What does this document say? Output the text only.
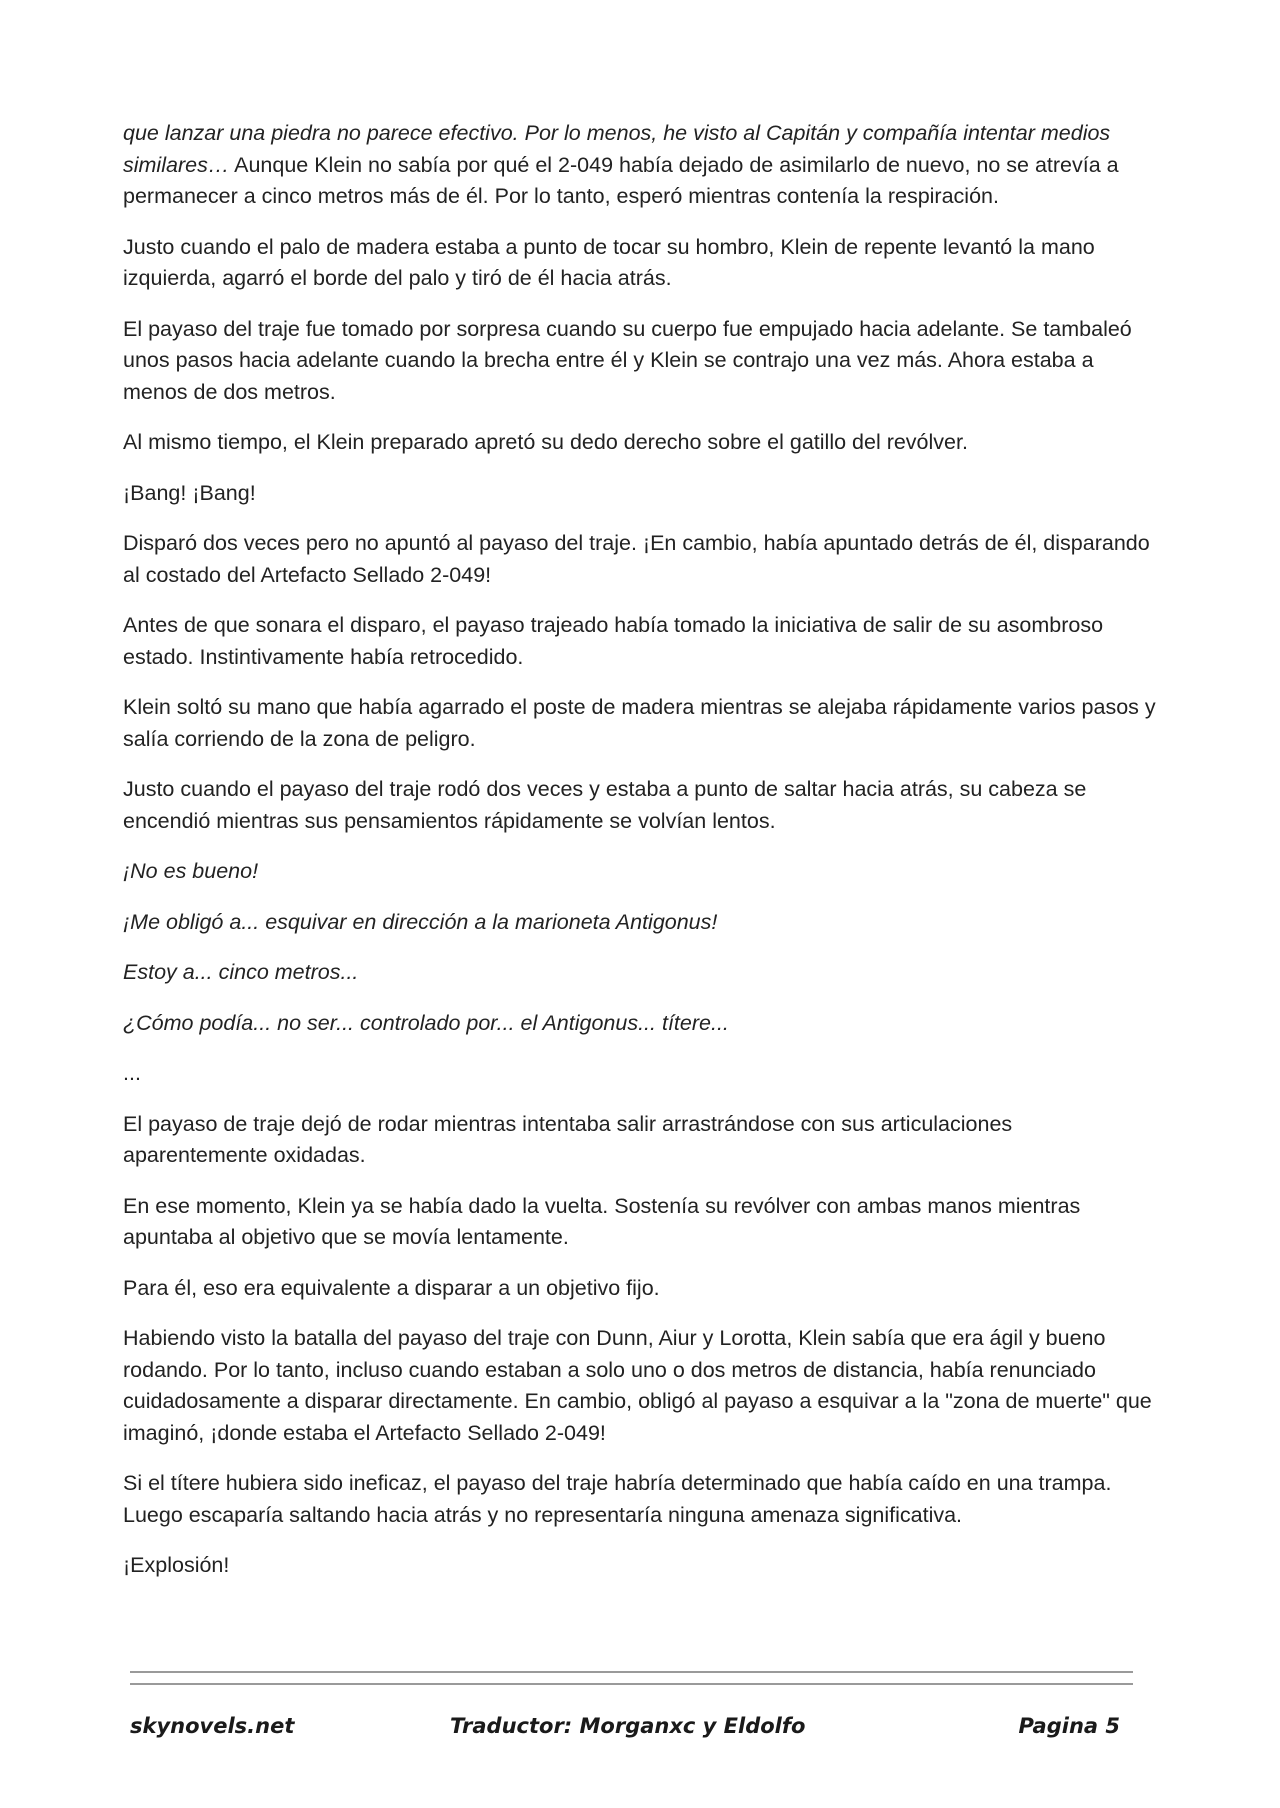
que lanzar una piedra no parece efectivo. Por lo menos, he visto al Capitán y compañía intentar medios similares… Aunque Klein no sabía por qué el 2-049 había dejado de asimilarlo de nuevo, no se atrevía a permanecer a cinco metros más de él. Por lo tanto, esperó mientras contenía la respiración.

Justo cuando el palo de madera estaba a punto de tocar su hombro, Klein de repente levantó la mano izquierda, agarró el borde del palo y tiró de él hacia atrás.

El payaso del traje fue tomado por sorpresa cuando su cuerpo fue empujado hacia adelante. Se tambaleó unos pasos hacia adelante cuando la brecha entre él y Klein se contrajo una vez más. Ahora estaba a menos de dos metros.

Al mismo tiempo, el Klein preparado apretó su dedo derecho sobre el gatillo del revólver.

¡Bang! ¡Bang!

Disparó dos veces pero no apuntó al payaso del traje. ¡En cambio, había apuntado detrás de él, disparando al costado del Artefacto Sellado 2-049!

Antes de que sonara el disparo, el payaso trajeado había tomado la iniciativa de salir de su asombroso estado. Instintivamente había retrocedido.

Klein soltó su mano que había agarrado el poste de madera mientras se alejaba rápidamente varios pasos y salía corriendo de la zona de peligro.

Justo cuando el payaso del traje rodó dos veces y estaba a punto de saltar hacia atrás, su cabeza se encendió mientras sus pensamientos rápidamente se volvían lentos.

¡No es bueno!

¡Me obligó a... esquivar en dirección a la marioneta Antigonus!

Estoy a... cinco metros...

¿Cómo podía... no ser... controlado por... el Antigonus... títere...

...

El payaso de traje dejó de rodar mientras intentaba salir arrastrándose con sus articulaciones aparentemente oxidadas.

En ese momento, Klein ya se había dado la vuelta. Sostenía su revólver con ambas manos mientras apuntaba al objetivo que se movía lentamente.

Para él, eso era equivalente a disparar a un objetivo fijo.

Habiendo visto la batalla del payaso del traje con Dunn, Aiur y Lorotta, Klein sabía que era ágil y bueno rodando. Por lo tanto, incluso cuando estaban a solo uno o dos metros de distancia, había renunciado cuidadosamente a disparar directamente. En cambio, obligó al payaso a esquivar a la "zona de muerte" que imaginó, ¡donde estaba el Artefacto Sellado 2-049!

Si el títere hubiera sido ineficaz, el payaso del traje habría determinado que había caído en una trampa. Luego escaparía saltando hacia atrás y no representaría ninguna amenaza significativa.

¡Explosión!

skynovels.net	Traductor: Morganxc y Eldolfo	Pagina 5
